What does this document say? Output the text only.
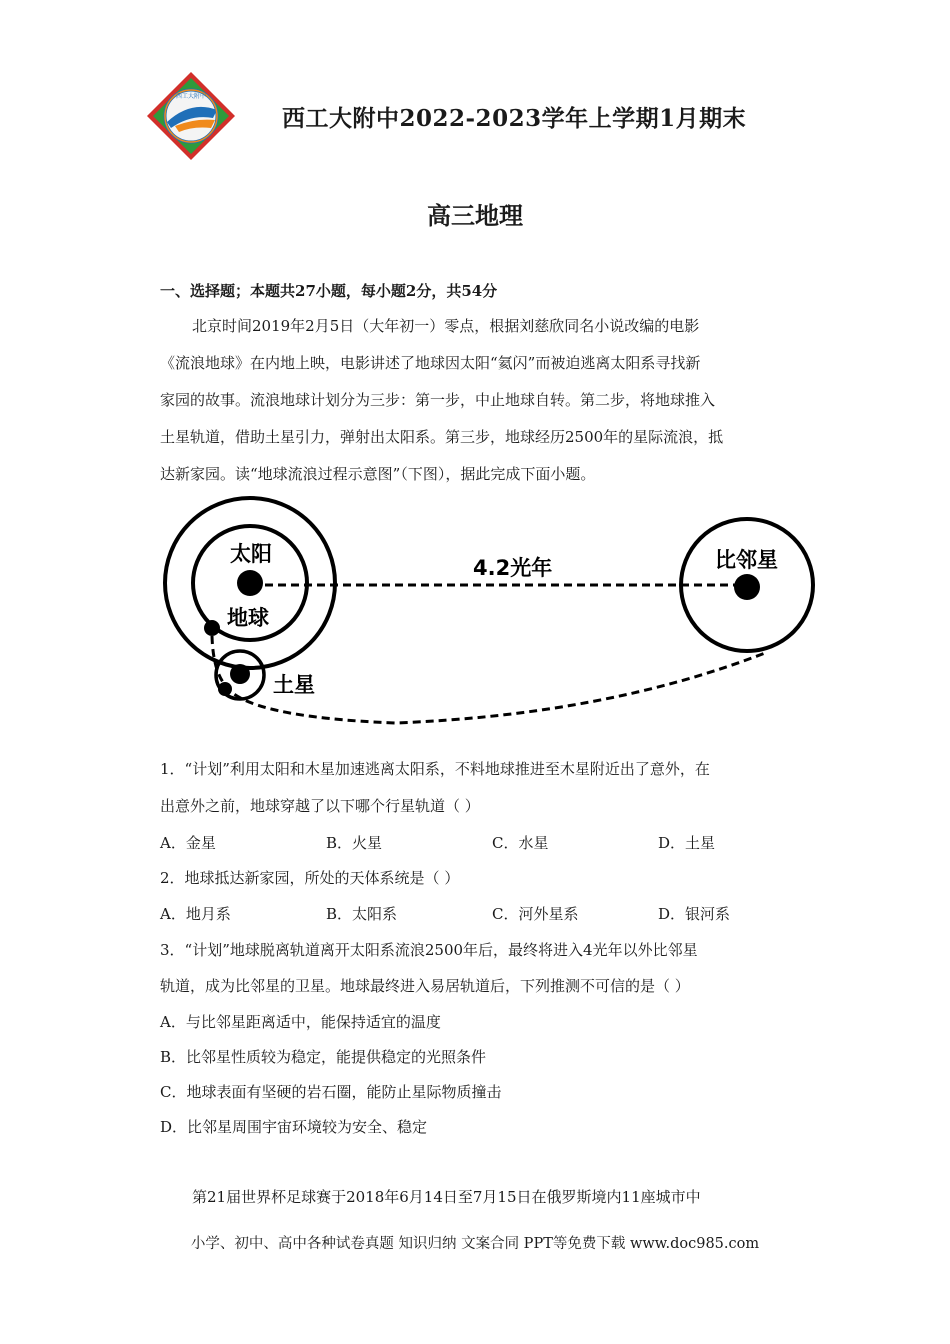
西工大附中
西工大附中2022-2023学年上学期1月期末
高三地理
一、选择题；本题共27小题，每小题2分，共54分
北京时间2019年2月5日（大年初一）零点，根据刘慈欣同名小说改编的电影
《流浪地球》在内地上映，电影讲述了地球因太阳“氦闪”而被迫逃离太阳系寻找新
家园的故事。流浪地球计划分为三步：第一步，中止地球自转。第二步，将地球推入
土星轨道，借助土星引力，弹射出太阳系。第三步，地球经历2500年的星际流浪，抵
达新家园。读“地球流浪过程示意图”（下图），据此完成下面小题。
太阳
地球
土星
4.2光年	比邻星
1．“计划”利用太阳和木星加速逃离太阳系，不料地球推进至木星附近出了意外，在
出意外之前，地球穿越了以下哪个行星轨道（ ）
A．金星	B．火星	C．水星	D．土星
2．地球抵达新家园，所处的天体系统是（ ）
A．地月系	B．太阳系	C．河外星系	D．银河系
3．“计划”地球脱离轨道离开太阳系流浪2500年后，最终将进入4光年以外比邻星
轨道，成为比邻星的卫星。地球最终进入易居轨道后，下列推测不可信的是（ ）
A．与比邻星距离适中，能保持适宜的温度
B．比邻星性质较为稳定，能提供稳定的光照条件
C．地球表面有坚硬的岩石圈，能防止星际物质撞击
D．比邻星周围宇宙环境较为安全、稳定
第21届世界杯足球赛于2018年6月14日至7月15日在俄罗斯境内11座城市中
小学、初中、高中各种试卷真题 知识归纳 文案合同 PPT等免费下载 www.doc985.com
